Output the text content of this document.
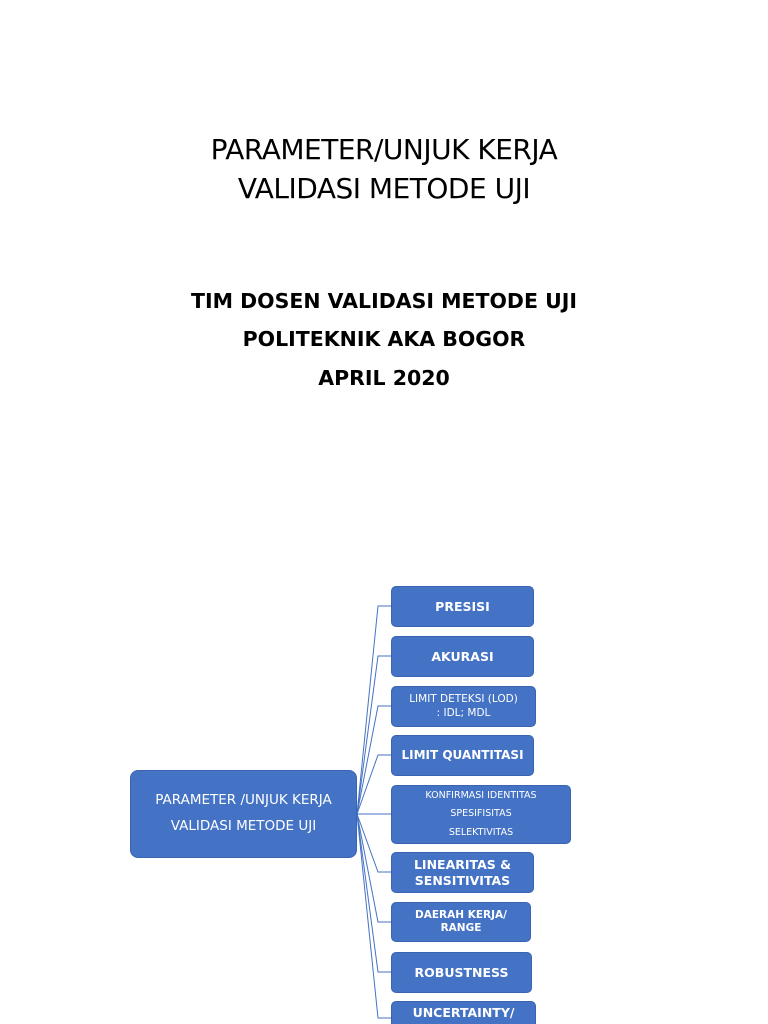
PARAMETER/UNJUK KERJA
VALIDASI METODE UJI
TIM DOSEN VALIDASI METODE UJI
POLITEKNIK AKA BOGOR
APRIL 2020
PARAMETER /UNJUK KERJA
VALIDASI METODE UJI
PRESISI
AKURASI
LIMIT DETEKSI (LOD)
: IDL; MDL
LIMIT QUANTITASI
KONFIRMASI IDENTITAS
SPESIFISITAS
SELEKTIVITAS
LINEARITAS &
SENSITIVITAS
DAERAH KERJA/
RANGE
ROBUSTNESS
UNCERTAINTY/
